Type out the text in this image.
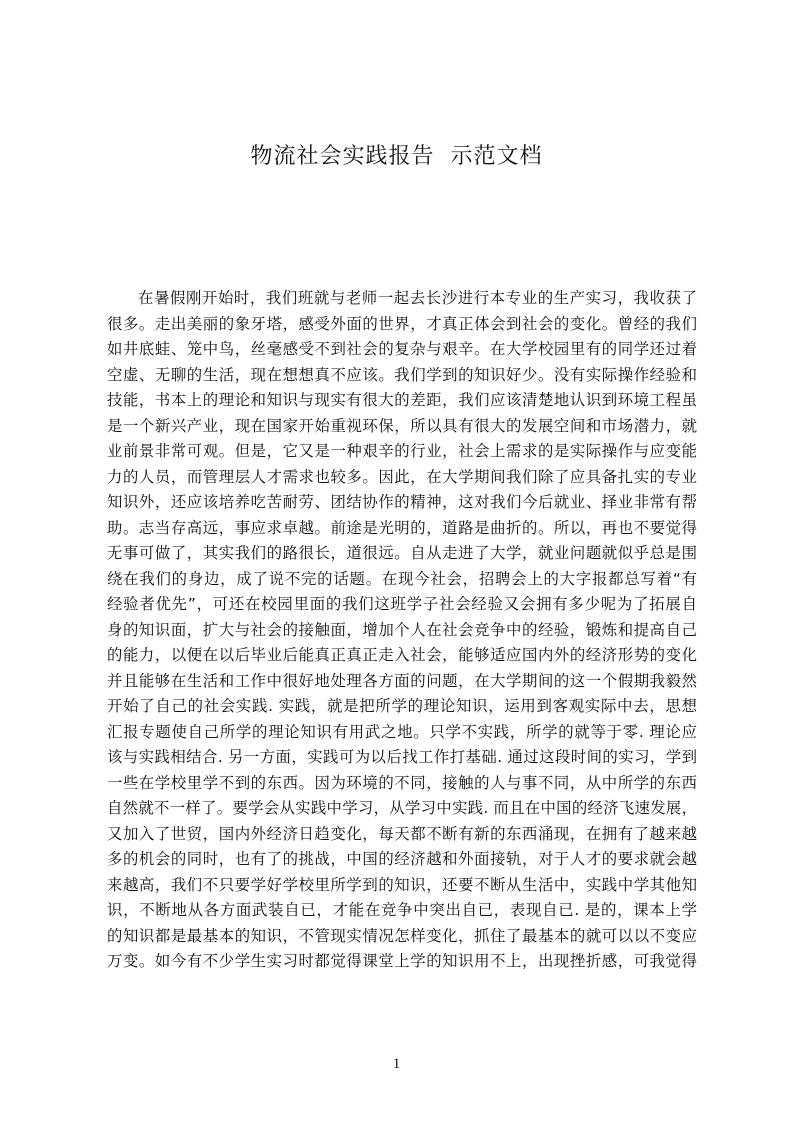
物流社会实践报告  示范文档
在暑假刚开始时，我们班就与老师一起去长沙进行本专业的生产实习，我收获了
很多。走出美丽的象牙塔，感受外面的世界，才真正体会到社会的变化。曾经的我们
如井底蛙、笼中鸟，丝毫感受不到社会的复杂与艰辛。在大学校园里有的同学还过着
空虚、无聊的生活，现在想想真不应该。我们学到的知识好少。没有实际操作经验和
技能，书本上的理论和知识与现实有很大的差距，我们应该清楚地认识到环境工程虽
是一个新兴产业，现在国家开始重视环保，所以具有很大的发展空间和市场潜力，就
业前景非常可观。但是，它又是一种艰辛的行业，社会上需求的是实际操作与应变能
力的人员，而管理层人才需求也较多。因此，在大学期间我们除了应具备扎实的专业
知识外，还应该培养吃苦耐劳、团结协作的精神，这对我们今后就业、择业非常有帮
助。志当存高远，事应求卓越。前途是光明的，道路是曲折的。所以，再也不要觉得
无事可做了，其实我们的路很长，道很远。自从走进了大学，就业问题就似乎总是围
绕在我们的身边，成了说不完的话题。在现今社会，招聘会上的大字报都总写着“有
经验者优先”，可还在校园里面的我们这班学子社会经验又会拥有多少呢为了拓展自
身的知识面，扩大与社会的接触面，增加个人在社会竞争中的经验，锻炼和提高自己
的能力，以便在以后毕业后能真正真正走入社会，能够适应国内外的经济形势的变化
并且能够在生活和工作中很好地处理各方面的问题，在大学期间的这一个假期我毅然
开始了自己的社会实践. 实践，就是把所学的理论知识，运用到客观实际中去，思想
汇报专题使自己所学的理论知识有用武之地。只学不实践，所学的就等于零. 理论应
该与实践相结合. 另一方面，实践可为以后找工作打基础. 通过这段时间的实习，学到
一些在学校里学不到的东西。因为环境的不同，接触的人与事不同，从中所学的东西
自然就不一样了。要学会从实践中学习，从学习中实践. 而且在中国的经济飞速发展，
又加入了世贸，国内外经济日趋变化，每天都不断有新的东西涌现，在拥有了越来越
多的机会的同时，也有了的挑战，中国的经济越和外面接轨，对于人才的要求就会越
来越高，我们不只要学好学校里所学到的知识，还要不断从生活中，实践中学其他知
识，不断地从各方面武装自已，才能在竞争中突出自已，表现自已. 是的，课本上学
的知识都是最基本的知识，不管现实情况怎样变化，抓住了最基本的就可以以不变应
万变。如今有不少学生实习时都觉得课堂上学的知识用不上，出现挫折感，可我觉得
1
